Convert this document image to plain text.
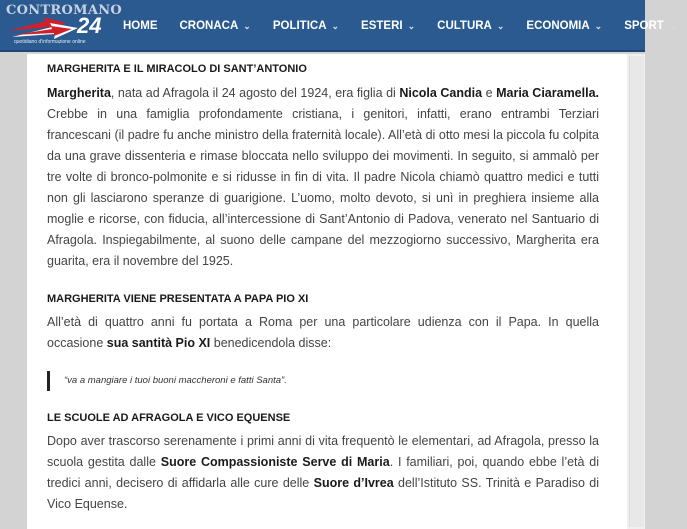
CONTROMANO
24
quotidiano d'informazione online
HOME CRONACA ⌄ POLITICA ⌄ ESTERI ⌄ CULTURA ⌄ ECONOMIA ⌄ SPORT ⌄
MARGHERITA E IL MIRACOLO DI SANT’ANTONIO

Margherita, nata ad Afragola il 24 agosto del 1924, era figlia di Nicola Candia e Maria Ciaramella. Crebbe in una famiglia profondamente cristiana, i genitori, infatti, erano entrambi Terziari francescani (il padre fu anche ministro della fraternità locale). All’età di otto mesi la piccola fu colpita da una grave dissenteria e rimase bloccata nello sviluppo dei movimenti. In seguito, si ammalò per tre volte di bronco-polmonite e si ridusse in fin di vita. Il padre Nicola chiamò quattro medici e tutti non gli lasciarono speranze di guarigione. L’uomo, molto devoto, si unì in preghiera insieme alla moglie e ricorse, con fiducia, all’intercessione di Sant’Antonio di Padova, venerato nel Santuario di Afragola. Inspiegabilmente, al suono delle campane del mezzogiorno successivo, Margherita era guarita, era il novembre del 1925.

MARGHERITA VIENE PRESENTATA A PAPA PIO XI

All’età di quattro anni fu portata a Roma per una particolare udienza con il Papa. In quella occasione sua santità Pio XI benedicendola disse:

“va a mangiare i tuoi buoni maccheroni e fatti Santa”.
LE SCUOLE AD AFRAGOLA E VICO EQUENSE

Dopo aver trascorso serenamente i primi anni di vita frequentò le elementari, ad Afragola, presso la scuola gestita dalle Suore Compassioniste Serve di Maria. I familiari, poi, quando ebbe l’età di tredici anni, decisero di affidarla alle cure delle Suore d’Ivrea dell’Istituto SS. Trinità e Paradiso di Vico Equense.
